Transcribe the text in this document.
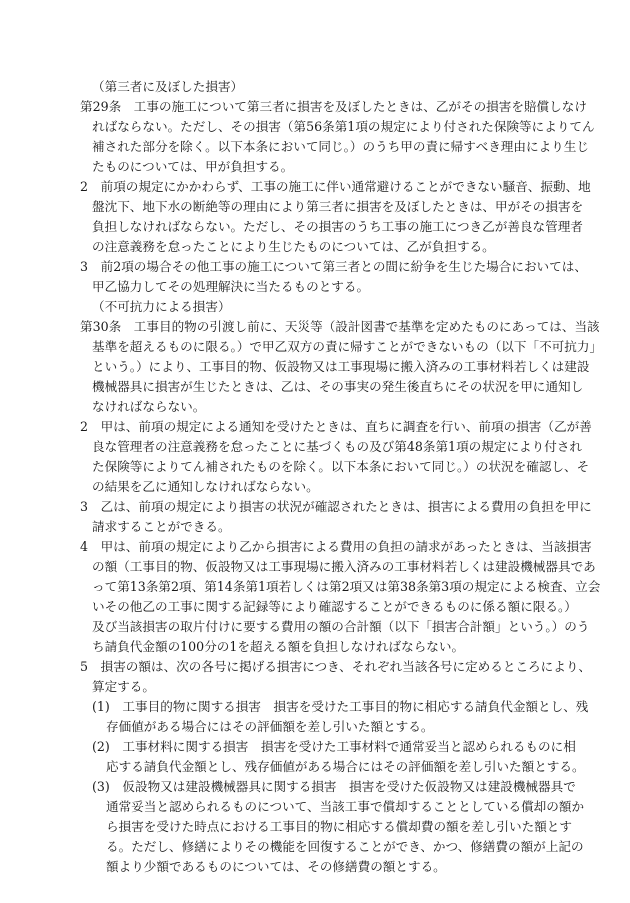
（第三者に及ぼした損害）
第29条　工事の施工について第三者に損害を及ぼしたときは、乙がその損害を賠償しなけ
ればならない。ただし、その損害（第56条第1項の規定により付された保険等によりてん
補された部分を除く。以下本条において同じ。）のうち甲の責に帰すべき理由により生じ
たものについては、甲が負担する。
2　前項の規定にかかわらず、工事の施工に伴い通常避けることができない騒音、振動、地
盤沈下、地下水の断絶等の理由により第三者に損害を及ぼしたときは、甲がその損害を
負担しなければならない。ただし、その損害のうち工事の施工につき乙が善良な管理者
の注意義務を怠ったことにより生じたものについては、乙が負担する。
3　前2項の場合その他工事の施工について第三者との間に紛争を生じた場合においては、
甲乙協力してその処理解決に当たるものとする。
（不可抗力による損害）
第30条　工事目的物の引渡し前に、天災等（設計図書で基準を定めたものにあっては、当該
基準を超えるものに限る。）で甲乙双方の責に帰すことができないもの（以下「不可抗力」
という。）により、工事目的物、仮設物又は工事現場に搬入済みの工事材料若しくは建設
機械器具に損害が生じたときは、乙は、その事実の発生後直ちにその状況を甲に通知し
なければならない。
2　甲は、前項の規定による通知を受けたときは、直ちに調査を行い、前項の損害（乙が善
良な管理者の注意義務を怠ったことに基づくもの及び第48条第1項の規定により付され
た保険等によりてん補されたものを除く。以下本条において同じ。）の状況を確認し、そ
の結果を乙に通知しなければならない。
3　乙は、前項の規定により損害の状況が確認されたときは、損害による費用の負担を甲に
請求することができる。
4　甲は、前項の規定により乙から損害による費用の負担の請求があったときは、当該損害
の額（工事目的物、仮設物又は工事現場に搬入済みの工事材料若しくは建設機械器具であ
って第13条第2項、第14条第1項若しくは第2項又は第38条第3項の規定による検査、立会
いその他乙の工事に関する記録等により確認することができるものに係る額に限る。）
及び当該損害の取片付けに要する費用の額の合計額（以下「損害合計額」という。）のう
ち請負代金額の100分の1を超える額を負担しなければならない。
5　損害の額は、次の各号に掲げる損害につき、それぞれ当該各号に定めるところにより、
算定する。
(1)　工事目的物に関する損害　損害を受けた工事目的物に相応する請負代金額とし、残
存価値がある場合にはその評価額を差し引いた額とする。
(2)　工事材料に関する損害　損害を受けた工事材料で通常妥当と認められるものに相
応する請負代金額とし、残存価値がある場合にはその評価額を差し引いた額とする。
(3)　仮設物又は建設機械器具に関する損害　損害を受けた仮設物又は建設機械器具で
通常妥当と認められるものについて、当該工事で償却することとしている償却の額か
ら損害を受けた時点における工事目的物に相応する償却費の額を差し引いた額とす
る。ただし、修繕によりその機能を回復することができ、かつ、修繕費の額が上記の
額より少額であるものについては、その修繕費の額とする。
